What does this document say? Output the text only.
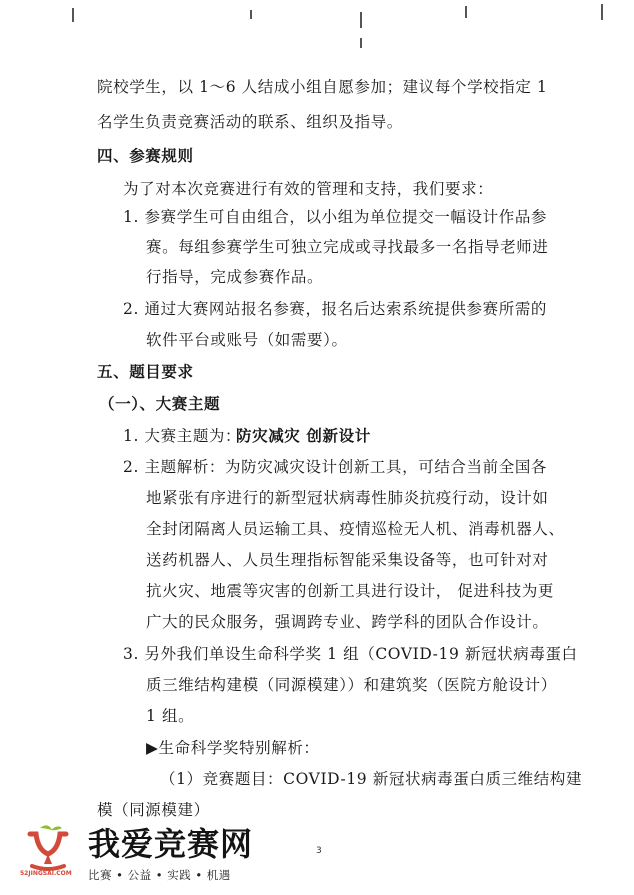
院校学生，以 1～6 人结成小组自愿参加；建议每个学校指定 1
名学生负责竞赛活动的联系、组织及指导。
四、参赛规则
为了对本次竞赛进行有效的管理和支持，我们要求：
1. 参赛学生可自由组合，以小组为单位提交一幅设计作品参
赛。每组参赛学生可独立完成或寻找最多一名指导老师进
行指导，完成参赛作品。
2. 通过大赛网站报名参赛，报名后达索系统提供参赛所需的
软件平台或账号（如需要）。
五、题目要求
（一）、大赛主题
1. 大赛主题为：
防灾减灾 创新设计
2. 主题解析：为防灾减灾设计创新工具，可结合当前全国各
地紧张有序进行的新型冠状病毒性肺炎抗疫行动，设计如
全封闭隔离人员运输工具、疫情巡检无人机、消毒机器人、
送药机器人、人员生理指标智能采集设备等，也可针对对
抗火灾、地震等灾害的创新工具进行设计， 促进科技为更
广大的民众服务，强调跨专业、跨学科的团队合作设计。
3. 另外我们单设生命科学奖 1 组（COVID-19 新冠状病毒蛋白
质三维结构建模（同源模建））和建筑奖（医院方舱设计）
1 组。
▶生命科学奖特别解析：
（1）竞赛题目：COVID-19 新冠状病毒蛋白质三维结构建
模（同源模建）
3
52JINGSAI.COM
我爱竞赛网
比赛 • 公益 • 实践 • 机遇
